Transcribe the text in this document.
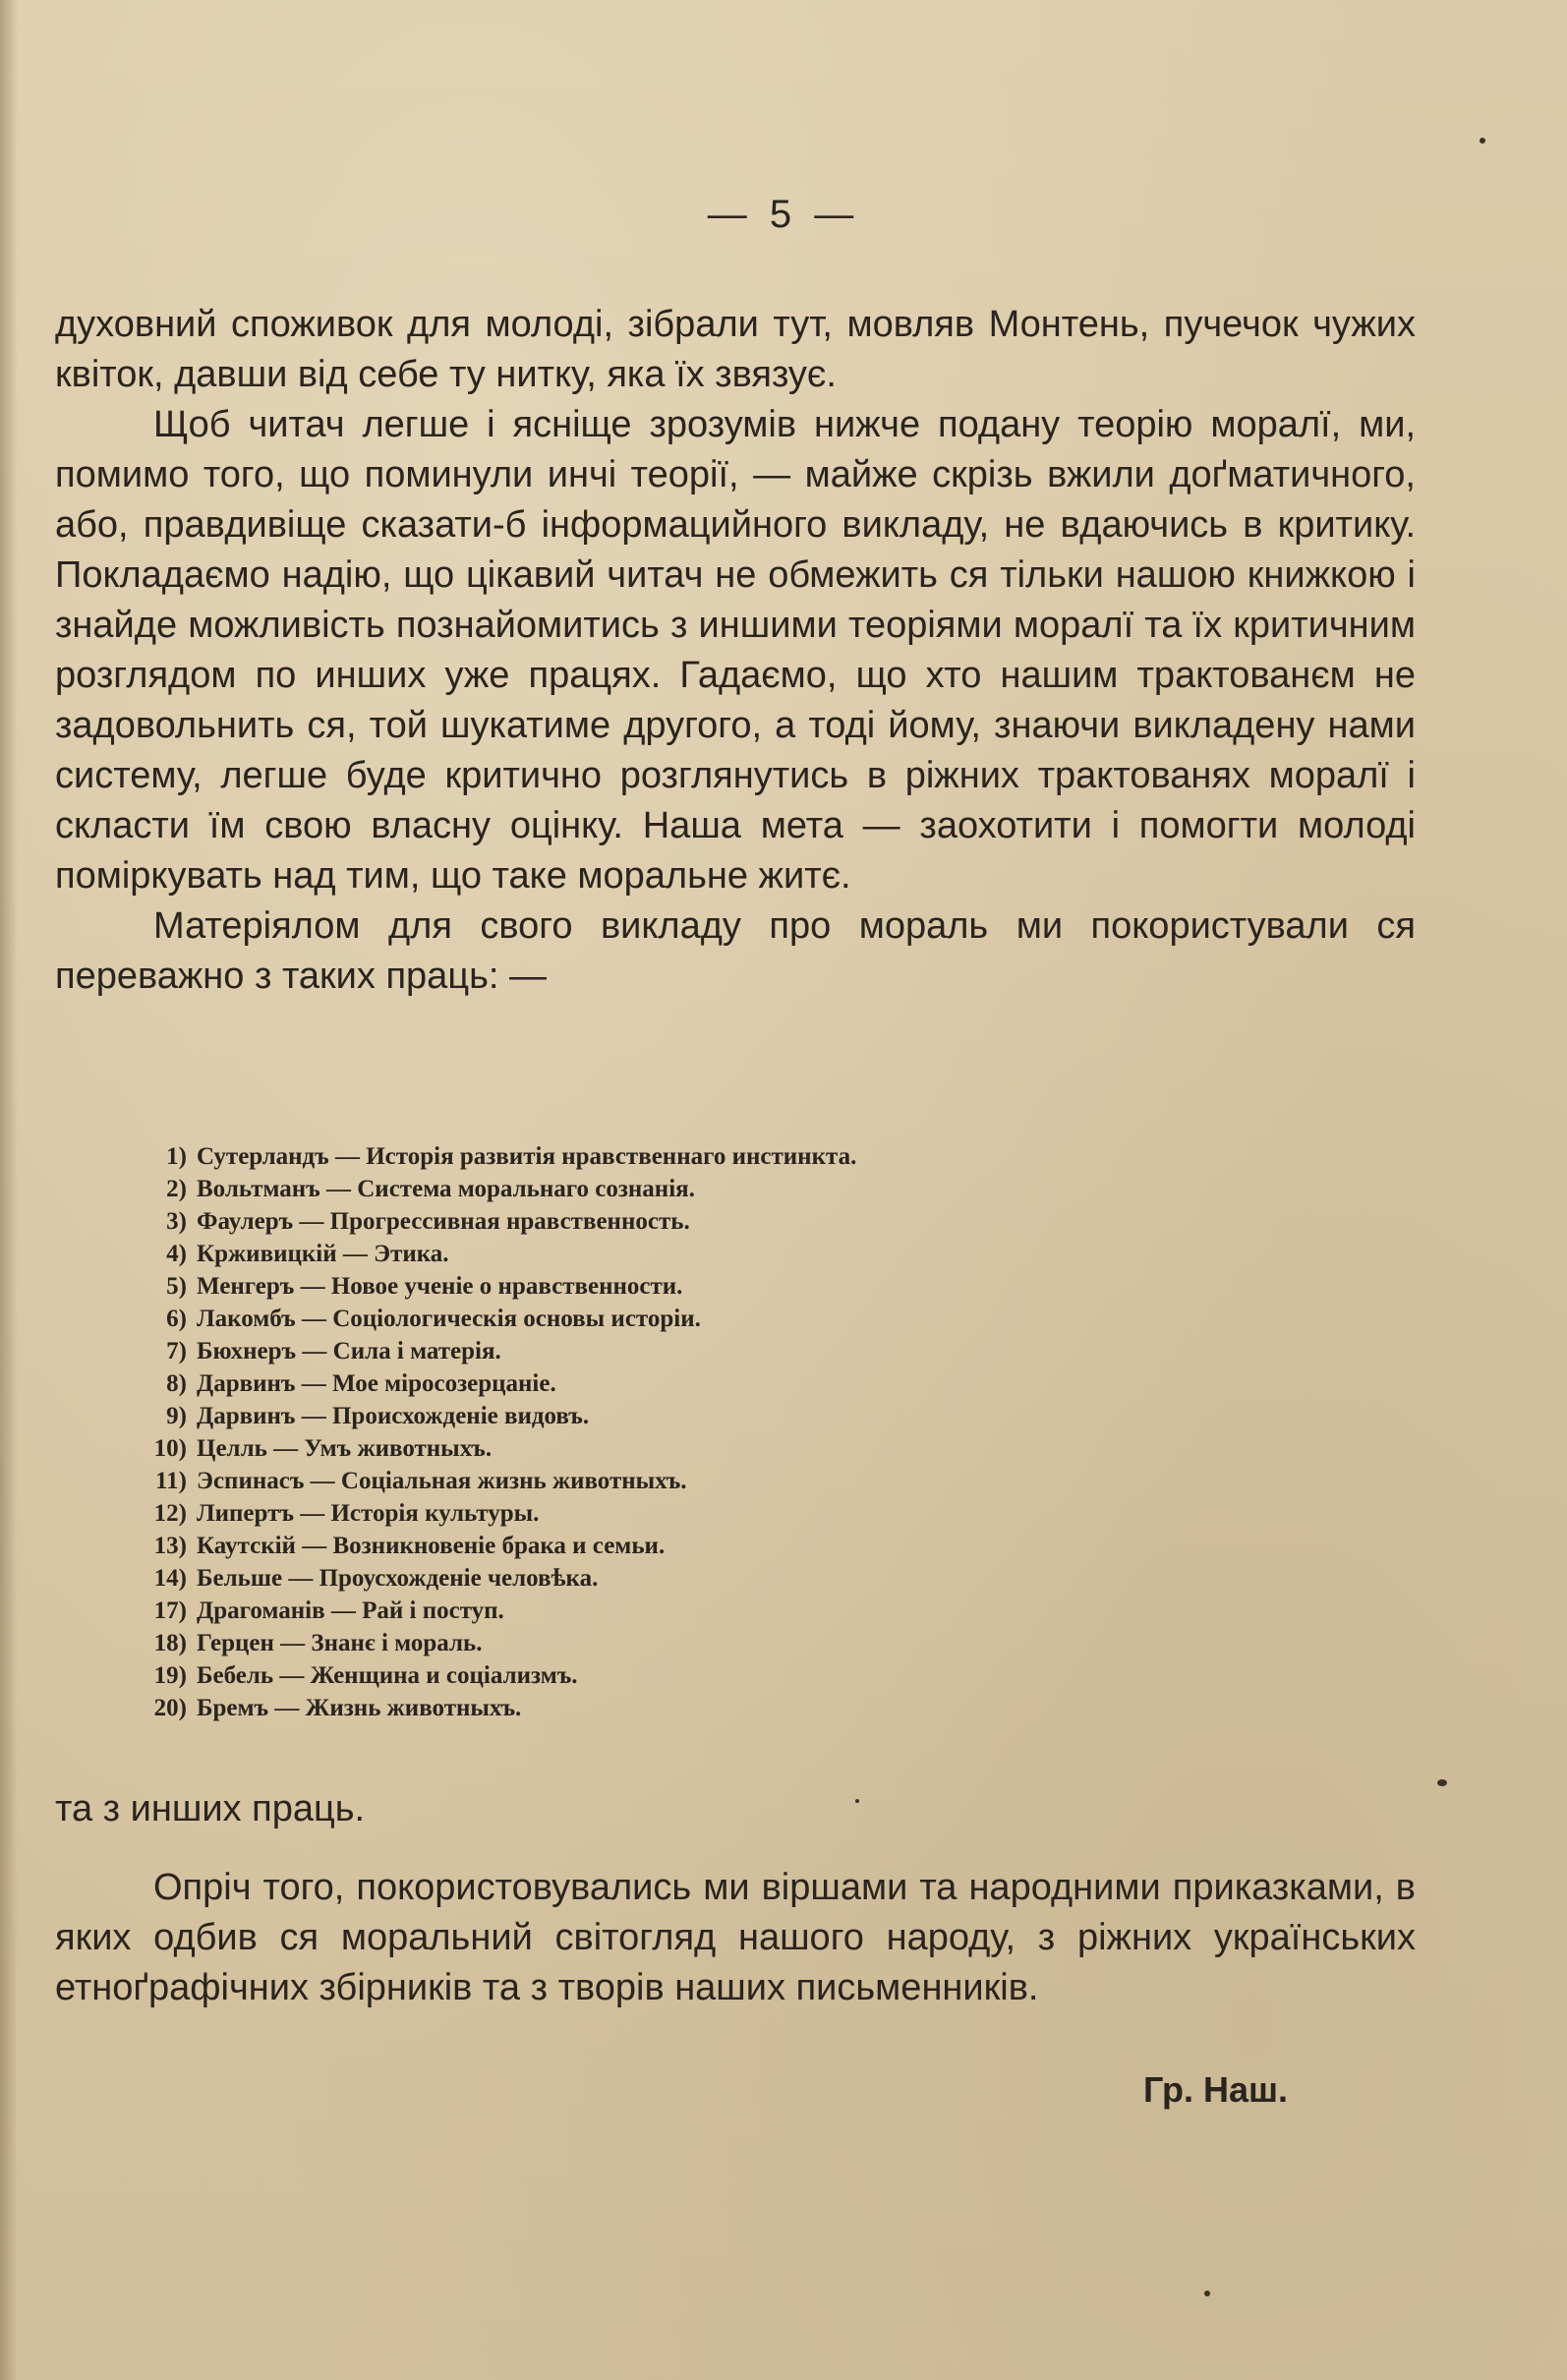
— 5 —

духовний споживок для молоді, зібрали тут, мовляв Монтень, пучечок чужих квіток, давши від себе ту нитку, яка їх звязує.

Щоб читач легше і ясніще зрозумів нижче подану теорію моралї, ми, помимо того, що поминули инчі теорії, — майже скрізь вжили доґматичного, або, правдивіще сказати-б інформацийного викладу, не вдаючись в критику. Покладаємо надію, що цікавий читач не обмежить ся тільки нашою книжкою і знайде можливість познайомитись з иншими теоріями моралї та їх критичним розглядом по инших уже працях. Гадаємо, що хто нашим трактованєм не задовольнить ся, той шукатиме другого, а тоді йому, знаючи викладену нами систему, легше буде критично розглянутись в ріжних трактованях моралї і скласти їм свою власну оцінку. Наша мета — заохотити і помогти молоді поміркувать над тим, що таке моральне житє.

Матеріялом для свого викладу про мораль ми покористували ся переважно з таких праць: —

1) Сутерландъ — Исторія развитія нравственнаго инстинкта.
2) Вольтманъ — Система моральнаго сознанія.
3) Фаулеръ — Прогрессивная нравственность.
4) Крживицкій — Этика.
5) Менгеръ — Новое ученіе о нравственности.
6) Лакомбъ — Соціологическія основы исторіи.
7) Бюхнеръ — Сила і матерія.
8) Дарвинъ — Мое міросозерцаніе.
9) Дарвинъ — Происхожденіе видовъ.
10) Целль — Умъ животныхъ.
11) Эспинасъ — Соціальная жизнь животныхъ.
12) Липертъ — Исторія культуры.
13) Каутскій — Возникновеніе брака и семьи.
14) Бельше — Проусхожденіе человѣка.
17) Драгоманів — Рай і поступ.
18) Герцен — Знанє і мораль.
19) Бебель — Женщина и соціализмъ.
20) Бремъ — Жизнь животныхъ.
та з инших праць.

Опріч того, покористовувались ми віршами та народними приказками, в яких одбив ся моральний світогляд нашого народу, з ріжних українських етноґрафічних збірників та з творів наших письменників.

Гр. Наш.
